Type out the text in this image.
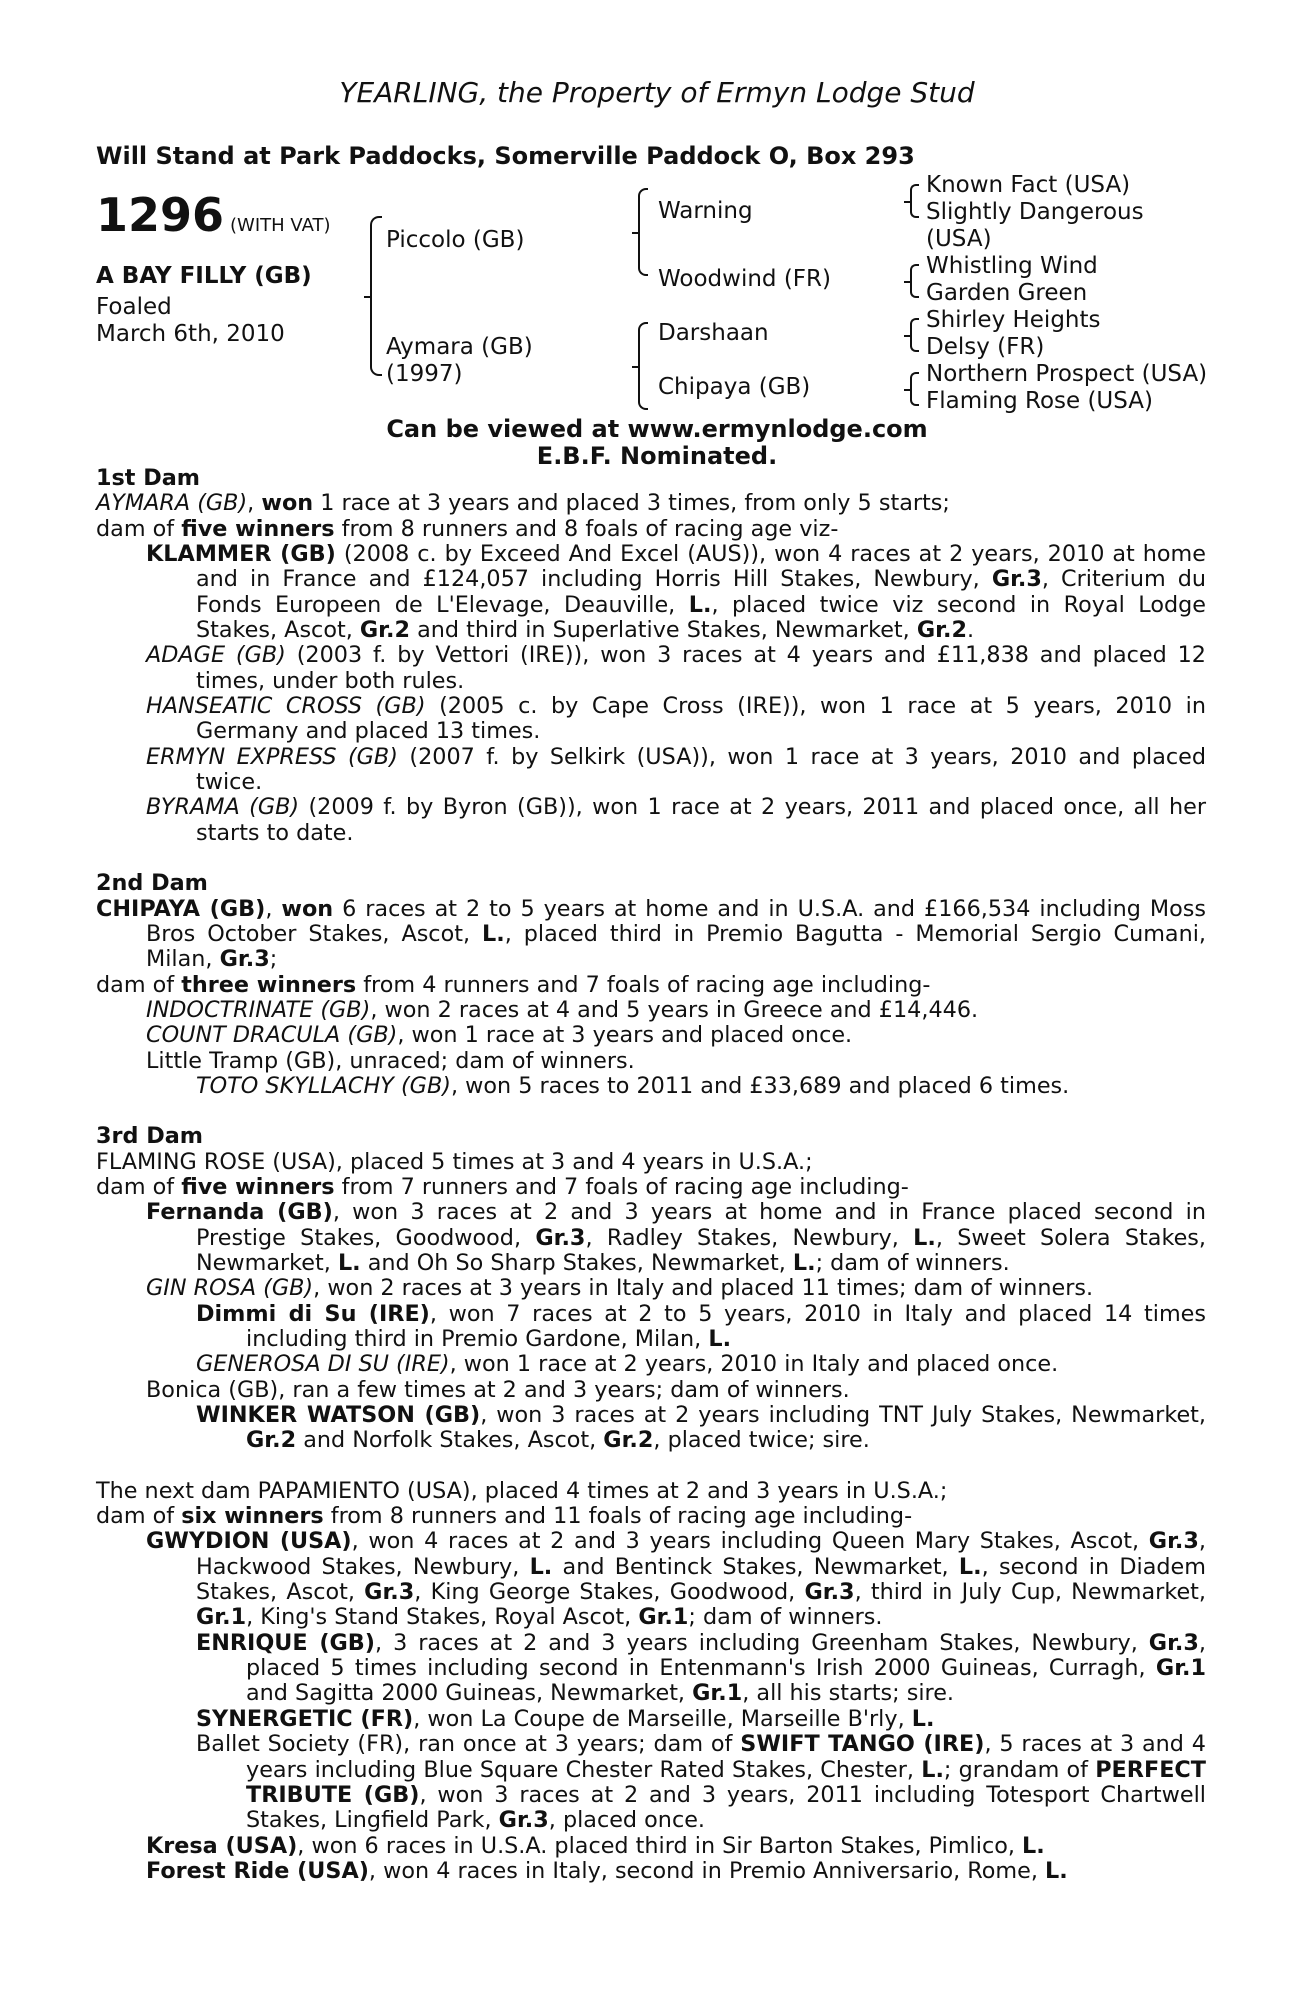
YEARLING, the Property of Ermyn Lodge Stud
Will Stand at Park Paddocks, Somerville Paddock O, Box 293
1296 (WITH VAT)
A BAY FILLY (GB)
Foaled
March 6th, 2010
Piccolo (GB)
Aymara (GB)
(1997)
Warning
Woodwind (FR)
Darshaan
Chipaya (GB)
Known Fact (USA)
Slightly Dangerous
(USA)
Whistling Wind
Garden Green
Shirley Heights
Delsy (FR)
Northern Prospect (USA)
Flaming Rose (USA)
Can be viewed at www.ermynlodge.com
E.B.F. Nominated.

1st Dam

AYMARA (GB), won 1 race at 3 years and placed 3 times, from only 5 starts;

dam of five winners from 8 runners and 8 foals of racing age viz-

KLAMMER (GB) (2008 c. by Exceed And Excel (AUS)), won 4 races at 2 years, 2010 at home and in France and £124,057 including Horris Hill Stakes, Newbury, Gr.3, Criterium du Fonds Europeen de L'Elevage, Deauville, L., placed twice viz second in Royal Lodge Stakes, Ascot, Gr.2 and third in Superlative Stakes, Newmarket, Gr.2.

ADAGE (GB) (2003 f. by Vettori (IRE)), won 3 races at 4 years and £11,838 and placed 12 times, under both rules.

HANSEATIC CROSS (GB) (2005 c. by Cape Cross (IRE)), won 1 race at 5 years, 2010 in Germany and placed 13 times.

ERMYN EXPRESS (GB) (2007 f. by Selkirk (USA)), won 1 race at 3 years, 2010 and placed twice.

BYRAMA (GB) (2009 f. by Byron (GB)), won 1 race at 2 years, 2011 and placed once, all her starts to date.

2nd Dam

CHIPAYA (GB), won 6 races at 2 to 5 years at home and in U.S.A. and £166,534 including Moss Bros October Stakes, Ascot, L., placed third in Premio Bagutta - Memorial Sergio Cumani, Milan, Gr.3;

dam of three winners from 4 runners and 7 foals of racing age including-

INDOCTRINATE (GB), won 2 races at 4 and 5 years in Greece and £14,446.

COUNT DRACULA (GB), won 1 race at 3 years and placed once.

Little Tramp (GB), unraced; dam of winners.

TOTO SKYLLACHY (GB), won 5 races to 2011 and £33,689 and placed 6 times.

3rd Dam

FLAMING ROSE (USA), placed 5 times at 3 and 4 years in U.S.A.;

dam of five winners from 7 runners and 7 foals of racing age including-

Fernanda (GB), won 3 races at 2 and 3 years at home and in France placed second in Prestige Stakes, Goodwood, Gr.3, Radley Stakes, Newbury, L., Sweet Solera Stakes, Newmarket, L. and Oh So Sharp Stakes, Newmarket, L.; dam of winners.

GIN ROSA (GB), won 2 races at 3 years in Italy and placed 11 times; dam of winners.

Dimmi di Su (IRE), won 7 races at 2 to 5 years, 2010 in Italy and placed 14 times including third in Premio Gardone, Milan, L.

GENEROSA DI SU (IRE), won 1 race at 2 years, 2010 in Italy and placed once.

Bonica (GB), ran a few times at 2 and 3 years; dam of winners.

WINKER WATSON (GB), won 3 races at 2 years including TNT July Stakes, Newmarket, Gr.2 and Norfolk Stakes, Ascot, Gr.2, placed twice; sire.

The next dam PAPAMIENTO (USA), placed 4 times at 2 and 3 years in U.S.A.;

dam of six winners from 8 runners and 11 foals of racing age including-

GWYDION (USA), won 4 races at 2 and 3 years including Queen Mary Stakes, Ascot, Gr.3, Hackwood Stakes, Newbury, L. and Bentinck Stakes, Newmarket, L., second in Diadem Stakes, Ascot, Gr.3, King George Stakes, Goodwood, Gr.3, third in July Cup, Newmarket, Gr.1, King's Stand Stakes, Royal Ascot, Gr.1; dam of winners.

ENRIQUE (GB), 3 races at 2 and 3 years including Greenham Stakes, Newbury, Gr.3, placed 5 times including second in Entenmann's Irish 2000 Guineas, Curragh, Gr.1 and Sagitta 2000 Guineas, Newmarket, Gr.1, all his starts; sire.

SYNERGETIC (FR), won La Coupe de Marseille, Marseille B'rly, L.

Ballet Society (FR), ran once at 3 years; dam of SWIFT TANGO (IRE), 5 races at 3 and 4 years including Blue Square Chester Rated Stakes, Chester, L.; grandam of PERFECT TRIBUTE (GB), won 3 races at 2 and 3 years, 2011 including Totesport Chartwell Stakes, Lingfield Park, Gr.3, placed once.

Kresa (USA), won 6 races in U.S.A. placed third in Sir Barton Stakes, Pimlico, L.

Forest Ride (USA), won 4 races in Italy, second in Premio Anniversario, Rome, L.
